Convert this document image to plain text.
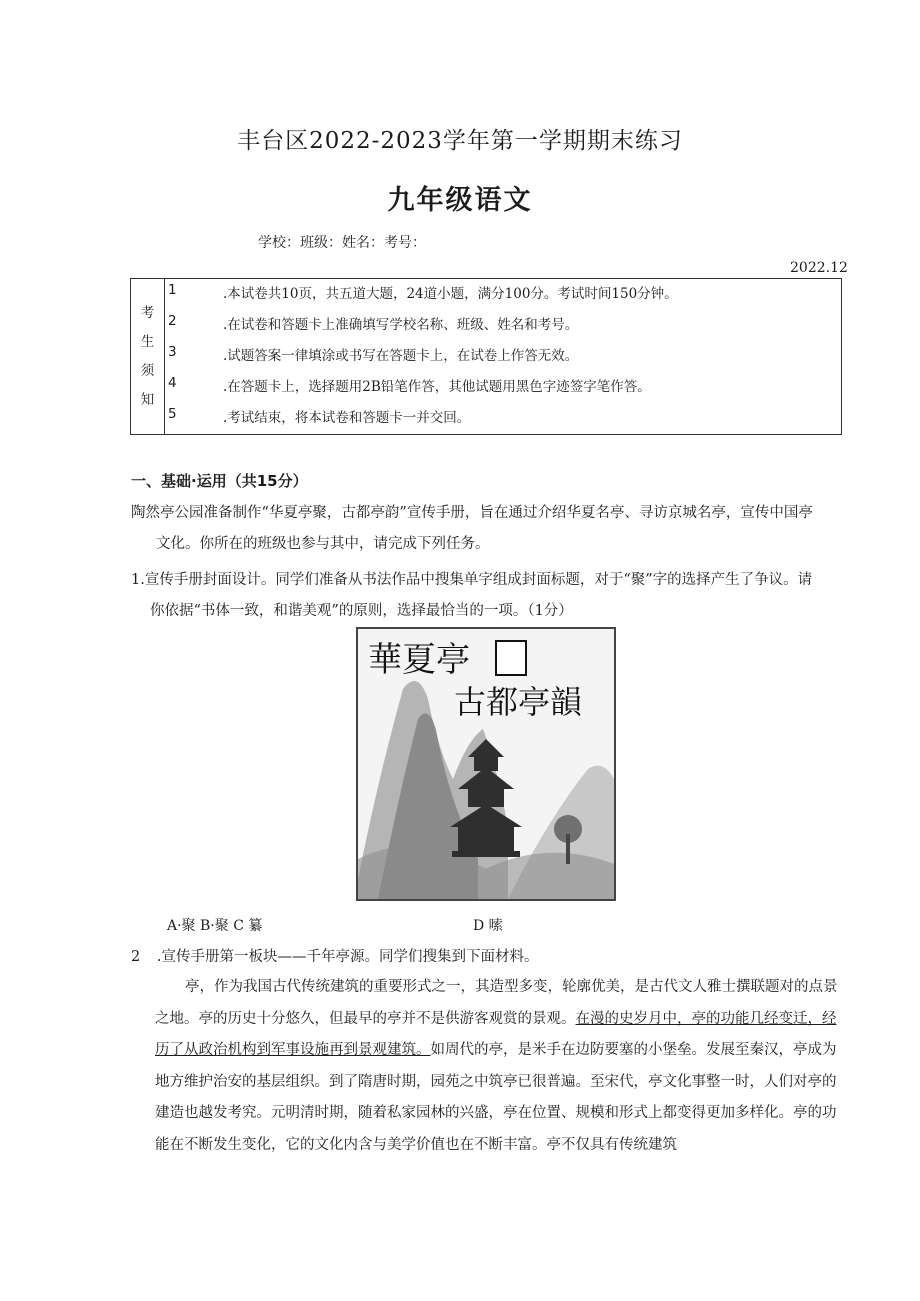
丰台区2022-2023学年第一学期期末练习
九年级语文
学校：班级：姓名：考号：
2022.12
考
生
须
知

1	.本试卷共10页，共五道大题，24道小题，满分100分。考试时间150分钟。
2	.在试卷和答题卡上准确填写学校名称、班级、姓名和考号。
3	.试题答案一律填涂或书写在答题卡上，在试卷上作答无效。
4	.在答题卡上，选择题用2B铅笔作答，其他试题用黑色字迹签字笔作答。
5	.考试结束，将本试卷和答题卡一并交回。
一、基础·运用（共15分）
陶然亭公园准备制作“华夏亭聚，古都亭韵”宣传手册，旨在通过介绍华夏名亭、寻访京城名亭，宣传中国亭
文化。你所在的班级也参与其中，请完成下列任务。
1.宣传手册封面设计。同学们准备从书法作品中搜集单字组成封面标题，对于“聚”字的选择产生了争议。请
你依据“书体一致，和谐美观”的原则，选择最恰当的一项。（1分）
華夏亭
古都亭韻
A·聚 B·聚 C 纂	D 嗦
2 .宣传手册第一板块——千年亭源。同学们搜集到下面材料。
亭，作为我国古代传统建筑的重要形式之一，其造型多变，轮廓优美，是古代文人雅士撰联题对的点景之地。亭的历史十分悠久，但最早的亭并不是供游客观赏的景观。在漫的史岁月中，亭的功能几经变迁，经历了从政治机构到军事设施再到景观建筑。如周代的亭，是米手在边防要塞的小堡垒。发展至秦汉，亭成为地方维护治安的基层组织。到了隋唐时期，园苑之中筑亭已很普遍。至宋代，亭文化事整一时，人们对亭的建造也越发考究。元明清时期，随着私家园林的兴盛，亭在位置、规模和形式上都变得更加多样化。亭的功能在不断发生变化，它的文化内含与美学价值也在不断丰富。亭不仅具有传统建筑
